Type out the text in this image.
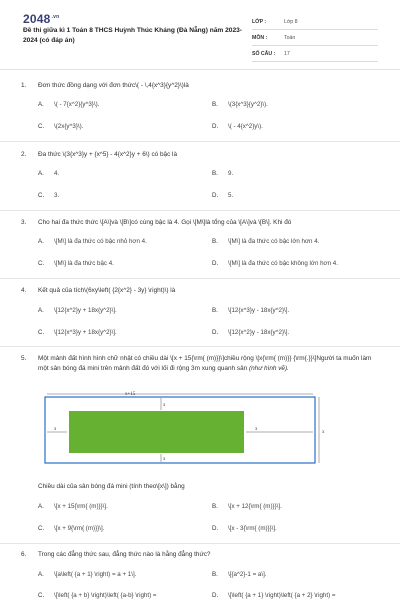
$2048^{.vn}$
Đề thi giữa kì 1 Toán 8 THCS Huỳnh Thúc Kháng (Đà Nẵng) năm 2023-2024 (có đáp án)
LỚP :	Lớp 8
MÔN :	Toán
SỐ CÂU :	17
1.	Đơn thức đồng dạng với đơn thức\( - \,4{x^3}{y^2}\)là
A.	\( - 7{x^2}{y^3}\).	B.	\(3{x^3}{y^2}\).
C.	\(2x{y^3}\).	D.	\( - 4{x^2}y\).
2.	Đa thức \(3{x^3}y + {x^5} - 4{x^2}y + 6\) có bậc là
A.	4.	B.	9.
C.	3.	D.	5.
3.	Cho hai đa thức thức \[A\]và \[B\]có cùng bậc là 4. Gọi \[M\]là tổng của \[A\]và \[B\]. Khi đó
A.	\[M\] là đa thức có bậc nhỏ hơn 4.	B.	\[M\] là đa thức có bậc lớn hơn 4.
C.	\[M\] là đa thức bậc 4.	D.	\[M\] là đa thức có bậc không lớn hơn 4.
4.	Kết quả của tích\(6xy\left( {2{x^2} - 3y} \right)\) là
A.	\[12{x^2}y + 18x{y^2}\].	B.	\[12{x^3}y - 18x{y^2}\].
C.	\[12{x^3}y + 18x{y^2}\].	D.	\[12{x^2}y - 18x{y^2}\].
5.	Một mảnh đất hình hình chữ nhật có chiều dài \[x + 15{\rm{ (m)}}\]chiều rộng \[x{\rm{ (m)}} {\rm{.}}\]Người ta muốn làm một sân bóng đá mini trên mảnh đất đó với lối đi rộng 3m xung quanh sân (như hình vẽ).
x+15
3
3
3	3
x
Chiều dài của sân bóng đá mini (tính theo\[x\]) bằng
A.	\[x + 15{\rm{ (m)}}\].	B.	\[x + 12{\rm{ (m)}}\].
C.	\[x + 9{\rm{ (m)}}\].	D.	\[x - 3{\rm{ (m)}}\].
6.	Trong các đẳng thức sau, đẳng thức nào là hằng đẳng thức?
A.	\[a\left( {a + 1} \right) = a + 1\].	B.	\[{a^2}-1 = a\].
C.	\[\left( {a + b} \right)\left( {a-b} \right) =	D.	\[\left( {a + 1} \right)\left( {a + 2} \right) =
